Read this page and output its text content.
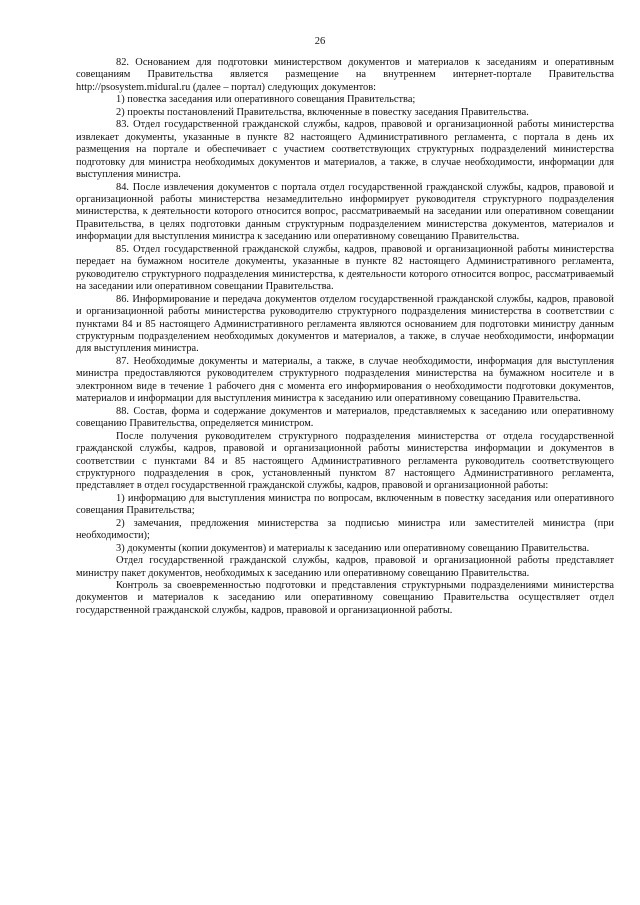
26

82. Основанием для подготовки министерством документов и материалов к заседаниям и оперативным совещаниям Правительства является размещение на внутреннем интернет-портале Правительства http://psosystem.midural.ru (далее – портал) следующих документов:

1) повестка заседания или оперативного совещания Правительства;

2) проекты постановлений Правительства, включенные в повестку заседания Правительства.

83. Отдел государственной гражданской службы, кадров, правовой и организационной работы министерства извлекает документы, указанные в пункте 82 настоящего Административного регламента, с портала в день их размещения на портале и обеспечивает с участием соответствующих структурных подразделений министерства подготовку для министра необходимых документов и материалов, а также, в случае необходимости, информации для выступления министра.

84. После извлечения документов с портала отдел государственной гражданской службы, кадров, правовой и организационной работы министерства незамедлительно информирует руководителя структурного подразделения министерства, к деятельности которого относится вопрос, рассматриваемый на заседании или оперативном совещании Правительства, в целях подготовки данным структурным подразделением министерства документов, материалов и информации для выступления министра к заседанию или оперативному совещанию Правительства.

85. Отдел государственной гражданской службы, кадров, правовой и организационной работы министерства передает на бумажном носителе документы, указанные в пункте 82 настоящего Административного регламента, руководителю структурного подразделения министерства, к деятельности которого относится вопрос, рассматриваемый на заседании или оперативном совещании Правительства.

86. Информирование и передача документов отделом государственной гражданской службы, кадров, правовой и организационной работы министерства руководителю структурного подразделения министерства в соответствии с пунктами 84 и 85 настоящего Административного регламента являются основанием для подготовки министру данным структурным подразделением необходимых документов и материалов, а также, в случае необходимости, информации для выступления министра.

87. Необходимые документы и материалы, а также, в случае необходимости, информация для выступления министра предоставляются руководителем структурного подразделения министерства на бумажном носителе и в электронном виде в течение 1 рабочего дня с момента его информирования о необходимости подготовки документов, материалов и информации для выступления министра к заседанию или оперативному совещанию Правительства.

88. Состав, форма и содержание документов и материалов, представляемых к заседанию или оперативному совещанию Правительства, определяется министром.

После получения руководителем структурного подразделения министерства от отдела государственной гражданской службы, кадров, правовой и организационной работы министерства информации и документов в соответствии с пунктами 84 и 85 настоящего Административного регламента руководитель соответствующего структурного подразделения в срок, установленный пунктом 87 настоящего Административного регламента, представляет в отдел государственной гражданской службы, кадров, правовой и организационной работы:

1) информацию для выступления министра по вопросам, включенным в повестку заседания или оперативного совещания Правительства;

2) замечания, предложения министерства за подписью министра или заместителей министра (при необходимости);

3) документы (копии документов) и материалы к заседанию или оперативному совещанию Правительства.

Отдел государственной гражданской службы, кадров, правовой и организационной работы представляет министру пакет документов, необходимых к заседанию или оперативному совещанию Правительства.

Контроль за своевременностью подготовки и представления структурными подразделениями министерства документов и материалов к заседанию или оперативному совещанию Правительства осуществляет отдел государственной гражданской службы, кадров, правовой и организационной работы.
